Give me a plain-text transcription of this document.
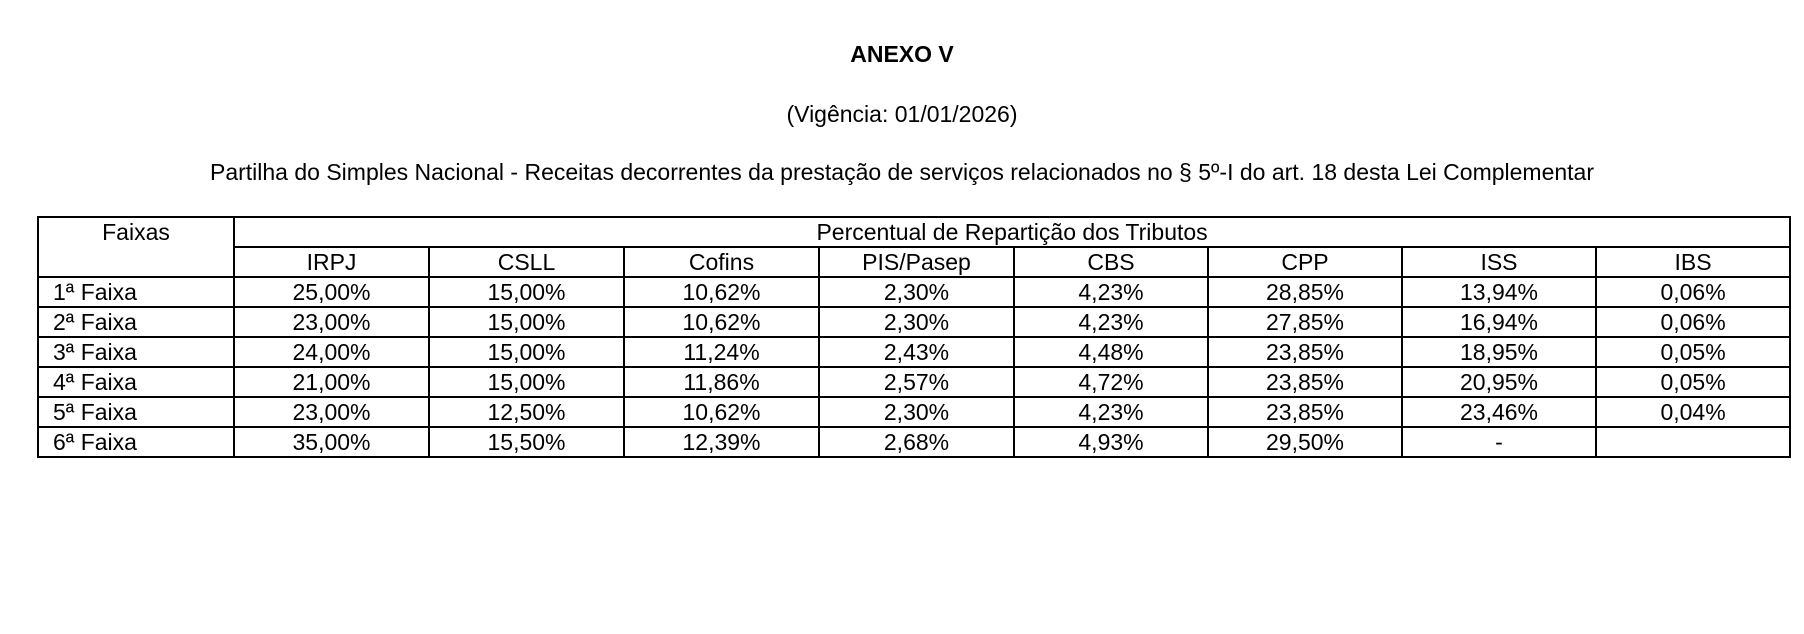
ANEXO V
(Vigência: 01/01/2026)
Partilha do Simples Nacional - Receitas decorrentes da prestação de serviços relacionados no § 5º-I do art. 18 desta Lei Complementar
Faixas	Percentual de Repartição dos Tributos							
	IRPJ	CSLL	Cofins	PIS/Pasep	CBS	CPP	ISS	IBS
1ª Faixa	25,00%	15,00%	10,62%	2,30%	4,23%	28,85%	13,94%	0,06%
2ª Faixa	23,00%	15,00%	10,62%	2,30%	4,23%	27,85%	16,94%	0,06%
3ª Faixa	24,00%	15,00%	11,24%	2,43%	4,48%	23,85%	18,95%	0,05%
4ª Faixa	21,00%	15,00%	11,86%	2,57%	4,72%	23,85%	20,95%	0,05%
5ª Faixa	23,00%	12,50%	10,62%	2,30%	4,23%	23,85%	23,46%	0,04%
6ª Faixa	35,00%	15,50%	12,39%	2,68%	4,93%	29,50%	-	
